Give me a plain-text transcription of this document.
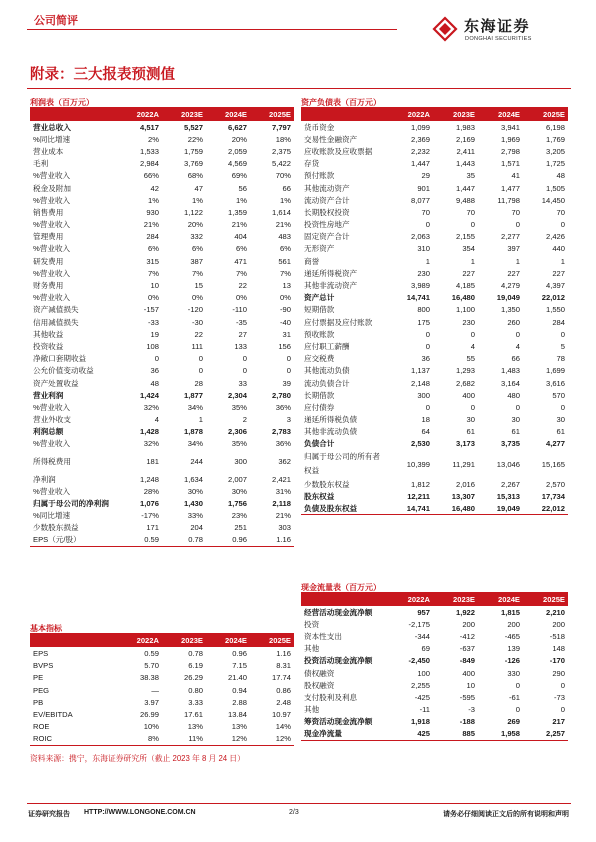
公司简评	东海证券
DONGHAI SECURITIES
附录：三大报表预测值
利润表（百万元）
	2022A	2023E	2024E	2025E
营业总收入	4,517	5,527	6,627	7,797
%同比增速	2%	22%	20%	18%
营业成本	1,533	1,759	2,059	2,375
毛利	2,984	3,769	4,569	5,422
%营业收入	66%	68%	69%	70%
税金及附加	42	47	56	66
%营业收入	1%	1%	1%	1%
销售费用	930	1,122	1,359	1,614
%营业收入	21%	20%	21%	21%
管理费用	284	332	404	483
%营业收入	6%	6%	6%	6%
研发费用	315	387	471	561
%营业收入	7%	7%	7%	7%
财务费用	10	15	22	13
%营业收入	0%	0%	0%	0%
资产减值损失	-157	-120	-110	-90
信用减值损失	-33	-30	-35	-40
其他收益	19	22	27	31
投资收益	108	111	133	156
净敞口套期收益	0	0	0	0
公允价值变动收益	36	0	0	0
资产处置收益	48	28	33	39
营业利润	1,424	1,877	2,304	2,780
%营业收入	32%	34%	35%	36%
营业外收支	4	1	2	3
利润总额	1,428	1,878	2,306	2,783
%营业收入	32%	34%	35%	36%
所得税费用	181	244	300	362
净利润	1,248	1,634	2,007	2,421
%营业收入	28%	30%	30%	31%
归属于母公司的净利润	1,076	1,430	1,756	2,118
%同比增速	-17%	33%	23%	21%
少数股东损益	171	204	251	303
EPS（元/股）	0.59	0.78	0.96	1.16
基本指标
	2022A	2023E	2024E	2025E
EPS	0.59	0.78	0.96	1.16
BVPS	5.70	6.19	7.15	8.31
PE	38.38	26.29	21.40	17.74
PEG	—	0.80	0.94	0.86
PB	3.97	3.33	2.88	2.48
EV/EBITDA	26.99	17.61	13.84	10.97
ROE	10%	13%	13%	14%
ROIC	8%	11%	12%	12%
资产负债表（百万元）
	2022A	2023E	2024E	2025E
货币资金	1,099	1,983	3,941	6,198
交易性金融资产	2,369	2,169	1,969	1,769
应收账款及应收票据	2,232	2,411	2,798	3,205
存货	1,447	1,443	1,571	1,725
预付账款	29	35	41	48
其他流动资产	901	1,447	1,477	1,505
流动资产合计	8,077	9,488	11,798	14,450
长期股权投资	70	70	70	70
投资性房地产	0	0	0	0
固定资产合计	2,063	2,155	2,277	2,426
无形资产	310	354	397	440
商誉	1	1	1	1
递延所得税资产	230	227	227	227
其他非流动资产	3,989	4,185	4,279	4,397
资产总计	14,741	16,480	19,049	22,012
短期借款	800	1,100	1,350	1,550
应付票据及应付账款	175	230	260	284
预收账款	0	0	0	0
应付职工薪酬	0	4	4	5
应交税费	36	55	66	78
其他流动负债	1,137	1,293	1,483	1,699
流动负债合计	2,148	2,682	3,164	3,616
长期借款	300	400	480	570
应付债券	0	0	0	0
递延所得税负债	18	30	30	30
其他非流动负债	64	61	61	61
负债合计	2,530	3,173	3,735	4,277
归属于母公司的所有者权益	10,399	11,291	13,046	15,165
少数股东权益	1,812	2,016	2,267	2,570
股东权益	12,211	13,307	15,313	17,734
负债及股东权益	14,741	16,480	19,049	22,012
现金流量表（百万元）
	2022A	2023E	2024E	2025E
经营活动现金流净额	957	1,922	1,815	2,210
投资	-2,175	200	200	200
资本性支出	-344	-412	-465	-518
其他	69	-637	139	148
投资活动现金流净额	-2,450	-849	-126	-170
债权融资	100	400	330	290
股权融资	2,255	10	0	0
支付股利及利息	-425	-595	-61	-73
其他	-11	-3	0	0
筹资活动现金流净额	1,918	-188	269	217
现金净流量	425	885	1,958	2,257
资料来源：携宁，东海证券研究所（截止 2023 年 8 月 24 日）
证券研究报告 HTTP://WWW.LONGONE.COM.CN	2/3	请务必仔细阅读正文后的所有说明和声明
